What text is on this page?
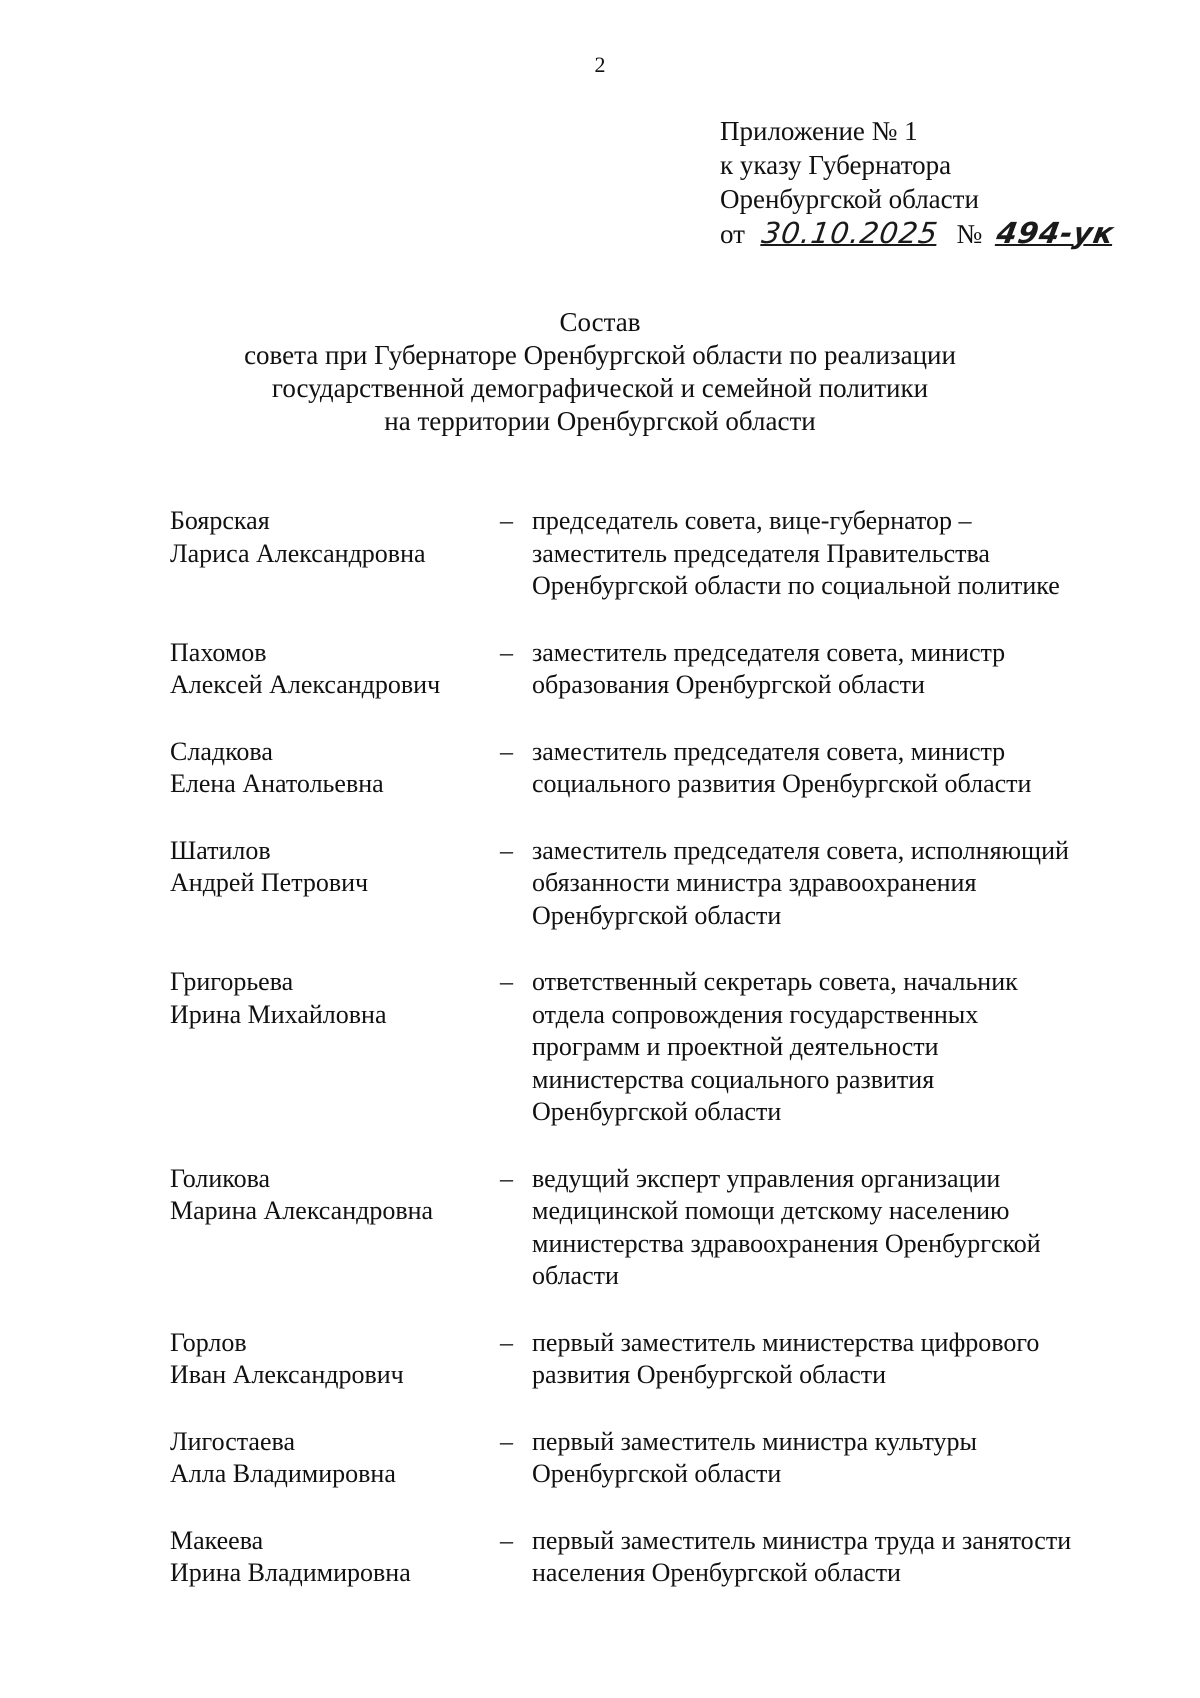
2
Приложение № 1
к указу Губернатора
Оренбургской области
от 30.10.2025 № 494-ук
Состав
совета при Губернаторе Оренбургской области по реализации
государственной демографической и семейной политики
на территории Оренбургской области
Боярская
Лариса Александровна
– председатель совета, вице-губернатор –
заместитель председателя Правительства
Оренбургской области по социальной политике
Пахомов
Алексей Александрович
– заместитель председателя совета, министр
образования Оренбургской области
Сладкова
Елена Анатольевна
– заместитель председателя совета, министр
социального развития Оренбургской области
Шатилов
Андрей Петрович
– заместитель председателя совета, исполняющий
обязанности министра здравоохранения
Оренбургской области
Григорьева
Ирина Михайловна
– ответственный секретарь совета, начальник
отдела сопровождения государственных
программ и проектной деятельности
министерства социального развития
Оренбургской области
Голикова
Марина Александровна
– ведущий эксперт управления организации
медицинской помощи детскому населению
министерства здравоохранения Оренбургской
области
Горлов
Иван Александрович
– первый заместитель министерства цифрового
развития Оренбургской области
Лигостаева
Алла Владимировна
– первый заместитель министра культуры
Оренбургской области
Макеева
Ирина Владимировна
– первый заместитель министра труда и занятости
населения Оренбургской области
